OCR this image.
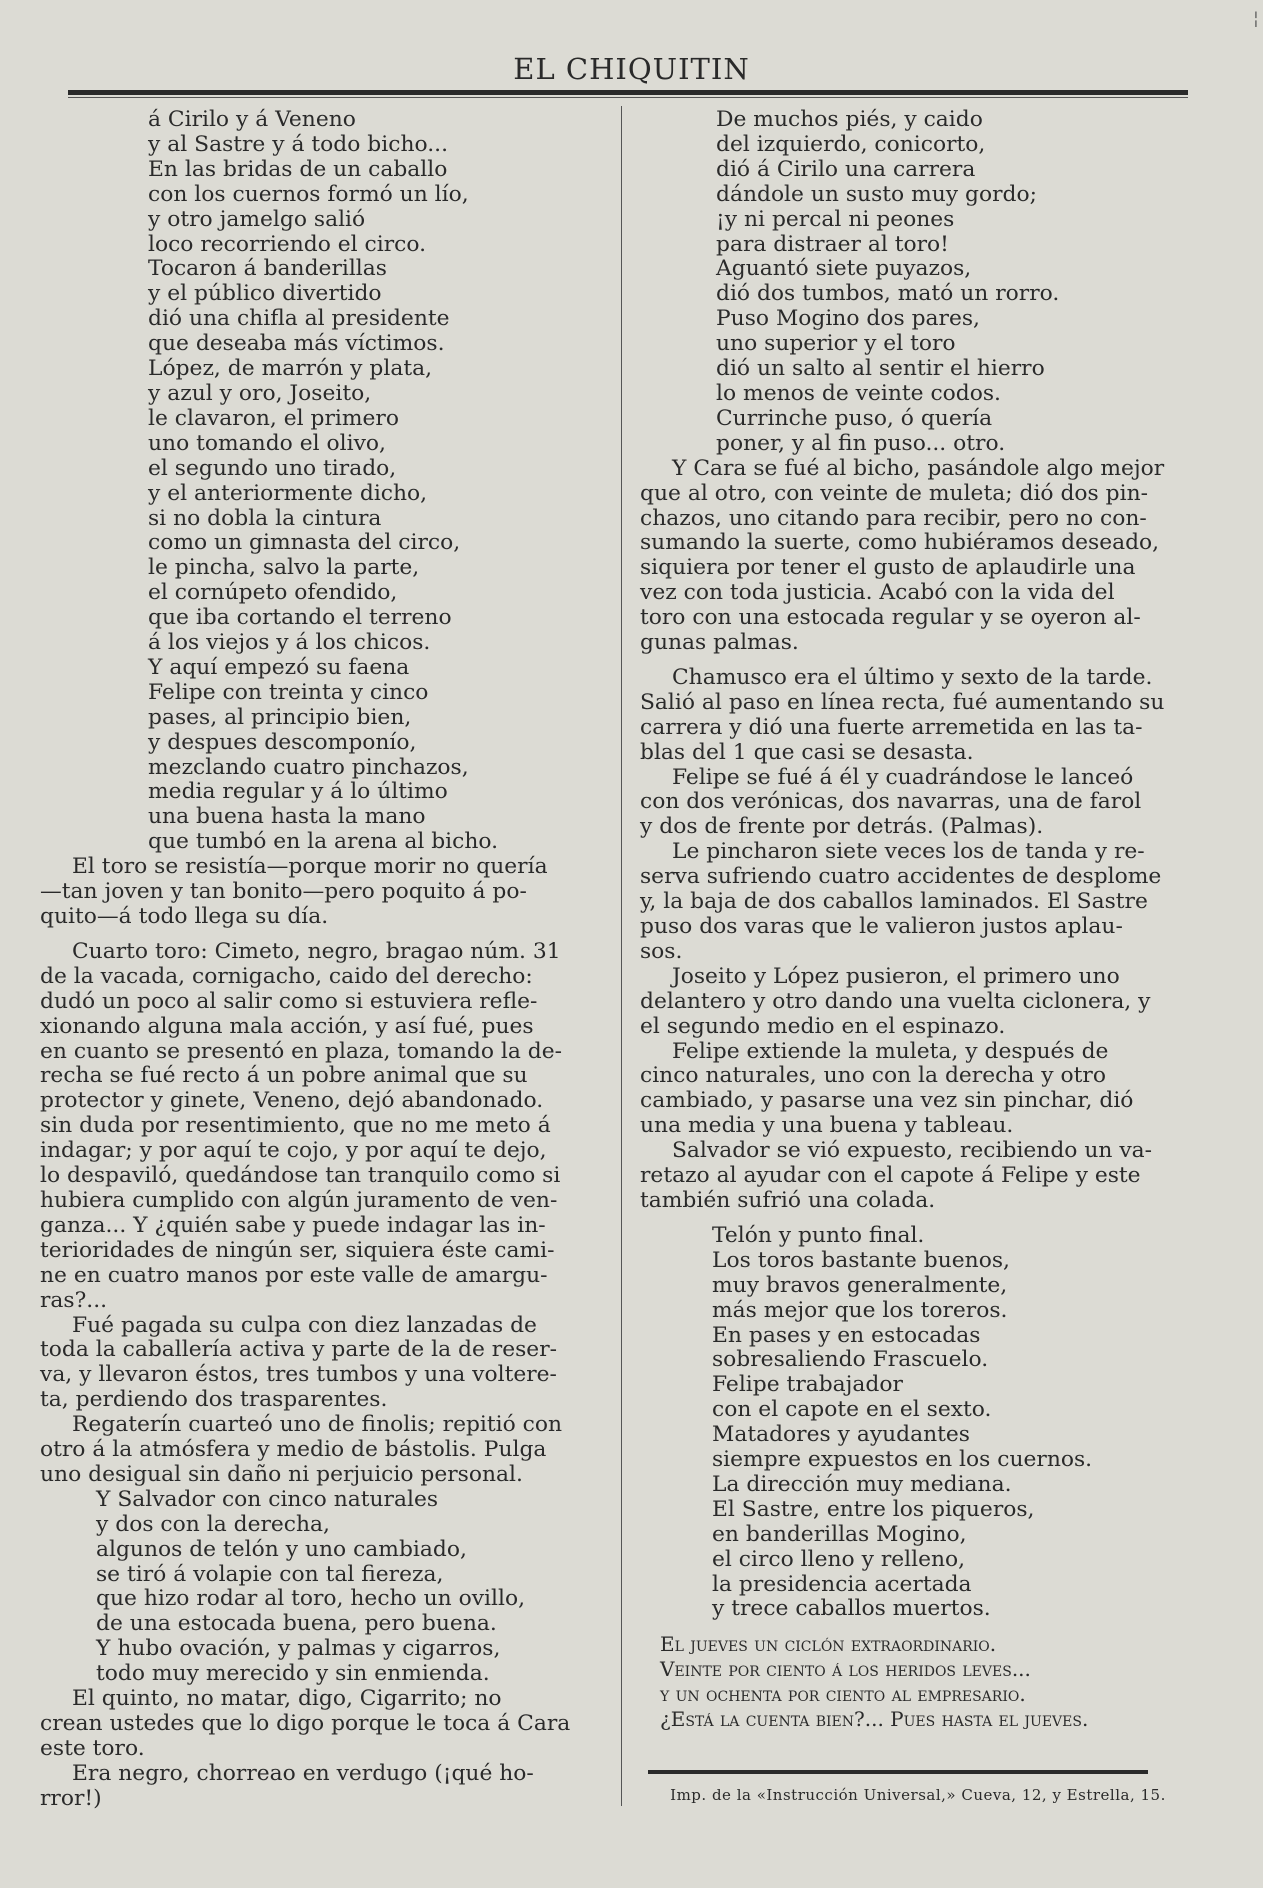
¦
EL CHIQUITIN
á Cirilo y á Veneno
y al Sastre y á todo bicho...
En las bridas de un caballo
con los cuernos formó un lío,
y otro jamelgo salió
loco recorriendo el circo.
Tocaron á banderillas
y el público divertido
dió una chifla al presidente
que deseaba más víctimos.
López, de marrón y plata,
y azul y oro, Joseito,
le clavaron, el primero
uno tomando el olivo,
el segundo uno tirado,
y el anteriormente dicho,
si no dobla la cintura
como un gimnasta del circo,
le pincha, salvo la parte,
el cornúpeto ofendido,
que iba cortando el terreno
á los viejos y á los chicos.
Y aquí empezó su faena
Felipe con treinta y cinco
pases, al principio bien,
y despues descomponío,
mezclando cuatro pinchazos,
media regular y á lo último
una buena hasta la mano
que tumbó en la arena al bicho.
El toro se resistía—porque morir no quería
—tan joven y tan bonito—pero poquito á po-
quito—á todo llega su día.
Cuarto toro: Cimeto, negro, bragao núm. 31
de la vacada, cornigacho, caido del derecho:
dudó un poco al salir como si estuviera refle-
xionando alguna mala acción, y así fué, pues
en cuanto se presentó en plaza, tomando la de-
recha se fué recto á un pobre animal que su
protector y ginete, Veneno, dejó abandonado.
sin duda por resentimiento, que no me meto á
indagar; y por aquí te cojo, y por aquí te dejo,
lo despaviló, quedándose tan tranquilo como si
hubiera cumplido con algún juramento de ven-
ganza... Y ¿quién sabe y puede indagar las in-
terioridades de ningún ser, siquiera éste cami-
ne en cuatro manos por este valle de amargu-
ras?...
Fué pagada su culpa con diez lanzadas de
toda la caballería activa y parte de la de reser-
va, y llevaron éstos, tres tumbos y una voltere-
ta, perdiendo dos trasparentes.
Regaterín cuarteó uno de finolis; repitió con
otro á la atmósfera y medio de bástolis. Pulga
uno desigual sin daño ni perjuicio personal.
Y Salvador con cinco naturales
y dos con la derecha,
algunos de telón y uno cambiado,
se tiró á volapie con tal fiereza,
que hizo rodar al toro, hecho un ovillo,
de una estocada buena, pero buena.
Y hubo ovación, y palmas y cigarros,
todo muy merecido y sin enmienda.
El quinto, no matar, digo, Cigarrito; no
crean ustedes que lo digo porque le toca á Cara
este toro.
Era negro, chorreao en verdugo (¡qué ho-
rror!)
De muchos piés, y caido
del izquierdo, conicorto,
dió á Cirilo una carrera
dándole un susto muy gordo;
¡y ni percal ni peones
para distraer al toro!
Aguantó siete puyazos,
dió dos tumbos, mató un rorro.
Puso Mogino dos pares,
uno superior y el toro
dió un salto al sentir el hierro
lo menos de veinte codos.
Currinche puso, ó quería
poner, y al fin puso... otro.
Y Cara se fué al bicho, pasándole algo mejor
que al otro, con veinte de muleta; dió dos pin-
chazos, uno citando para recibir, pero no con-
sumando la suerte, como hubiéramos deseado,
siquiera por tener el gusto de aplaudirle una
vez con toda justicia. Acabó con la vida del
toro con una estocada regular y se oyeron al-
gunas palmas.
Chamusco era el último y sexto de la tarde.
Salió al paso en línea recta, fué aumentando su
carrera y dió una fuerte arremetida en las ta-
blas del 1 que casi se desasta.
Felipe se fué á él y cuadrándose le lanceó
con dos verónicas, dos navarras, una de farol
y dos de frente por detrás. (Palmas).
Le pincharon siete veces los de tanda y re-
serva sufriendo cuatro accidentes de desplome
y, la baja de dos caballos laminados. El Sastre
puso dos varas que le valieron justos aplau-
sos.
Joseito y López pusieron, el primero uno
delantero y otro dando una vuelta ciclonera, y
el segundo medio en el espinazo.
Felipe extiende la muleta, y después de
cinco naturales, uno con la derecha y otro
cambiado, y pasarse una vez sin pinchar, dió
una media y una buena y tableau.
Salvador se vió expuesto, recibiendo un va-
retazo al ayudar con el capote á Felipe y este
también sufrió una colada.
Telón y punto final.
Los toros bastante buenos,
muy bravos generalmente,
más mejor que los toreros.
En pases y en estocadas
sobresaliendo Frascuelo.
Felipe trabajador
con el capote en el sexto.
Matadores y ayudantes
siempre expuestos en los cuernos.
La dirección muy mediana.
El Sastre, entre los piqueros,
en banderillas Mogino,
el circo lleno y relleno,
la presidencia acertada
y trece caballos muertos.
El jueves un ciclón extraordinario.
Veinte por ciento á los heridos leves...
y un ochenta por ciento al empresario.
¿Está la cuenta bien?... Pues hasta el jueves.
Imp. de la «Instrucción Universal,» Cueva, 12, y Estrella, 15.
